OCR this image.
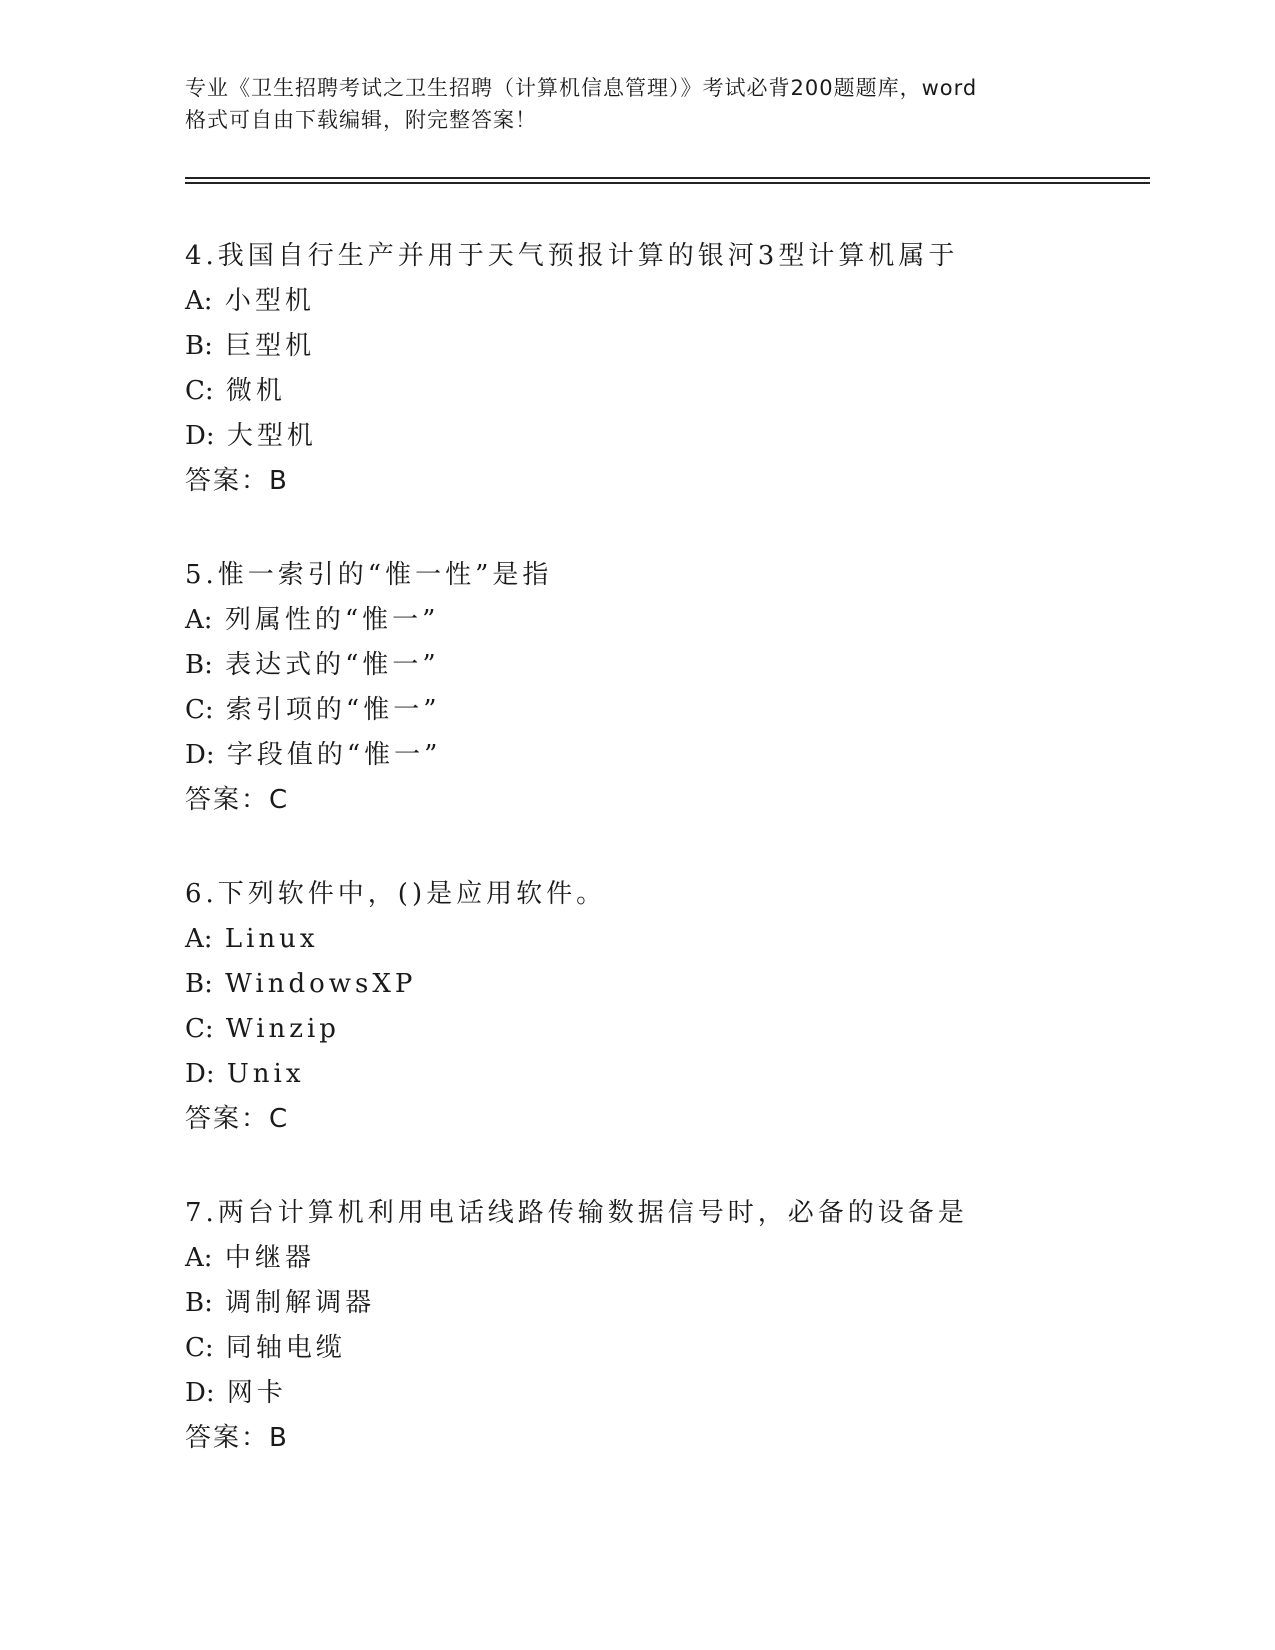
专业《卫生招聘考试之卫生招聘（计算机信息管理）》考试必背200题题库，word
格式可自由下载编辑，附完整答案！
4.我国自行生产并用于天气预报计算的银河3型计算机属于
A: 小型机
B: 巨型机
C: 微机
D: 大型机
答案：B
5.惟一索引的“惟一性”是指
A: 列属性的“惟一”
B: 表达式的“惟一”
C: 索引项的“惟一”
D: 字段值的“惟一”
答案：C
6.下列软件中，()是应用软件。
A: Linux
B: WindowsXP
C: Winzip
D: Unix
答案：C
7.两台计算机利用电话线路传输数据信号时，必备的设备是
A: 中继器
B: 调制解调器
C: 同轴电缆
D: 网卡
答案：B
